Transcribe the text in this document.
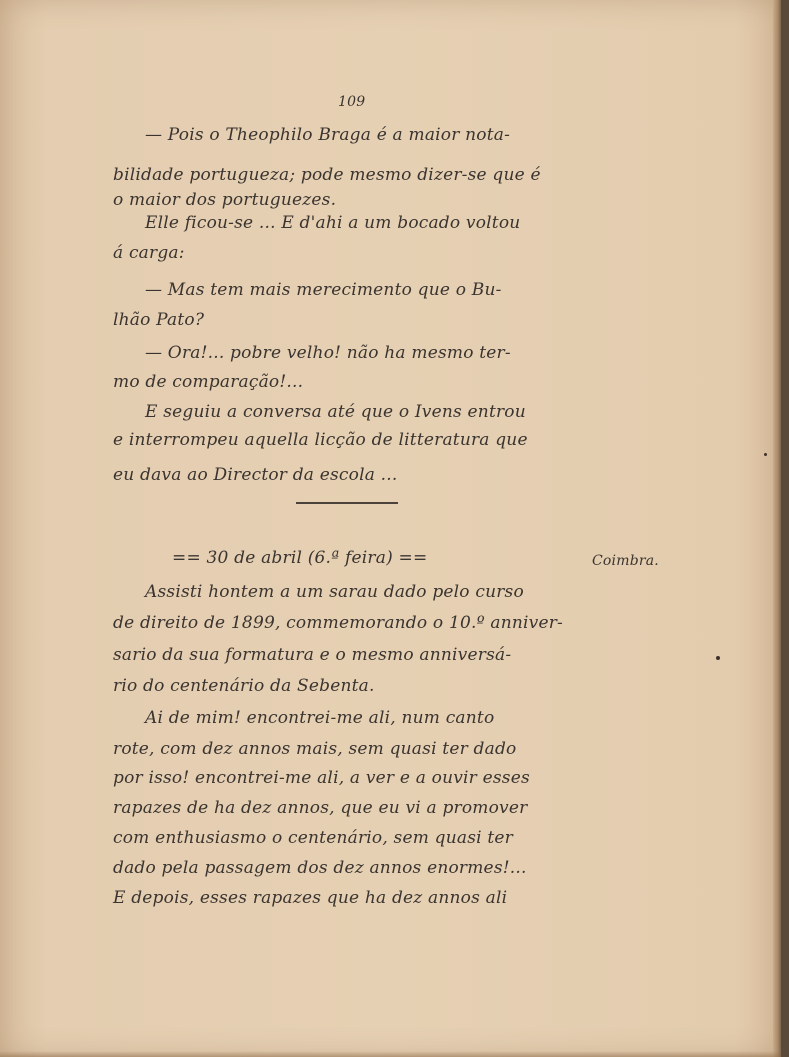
109
— Pois o Theophilo Braga é a maior nota-
bilidade portugueza; pode mesmo dizer-se que é
o maior dos portuguezes.
Elle ficou-se ... E d'ahi a um bocado voltou
á carga:
— Mas tem mais merecimento que o Bu-
lhão Pato?
— Ora!... pobre velho! não ha mesmo ter-
mo de comparação!...
E seguiu a conversa até que o Ivens entrou
e interrompeu aquella licção de litteratura que
eu dava ao Director da escola ...
== 30 de abril (6.ª feira) ==	Coimbra.
Assisti hontem a um sarau dado pelo curso
de direito de 1899, commemorando o 10.º anniver-
sario da sua formatura e o mesmo anniversá-
rio do centenário da Sebenta.
Ai de mim! encontrei-me ali, num canto
rote, com dez annos mais, sem quasi ter dado
por isso! encontrei-me ali, a ver e a ouvir esses
rapazes de ha dez annos, que eu vi a promover
com enthusiasmo o centenário, sem quasi ter
dado pela passagem dos dez annos enormes!...
E depois, esses rapazes que ha dez annos ali
